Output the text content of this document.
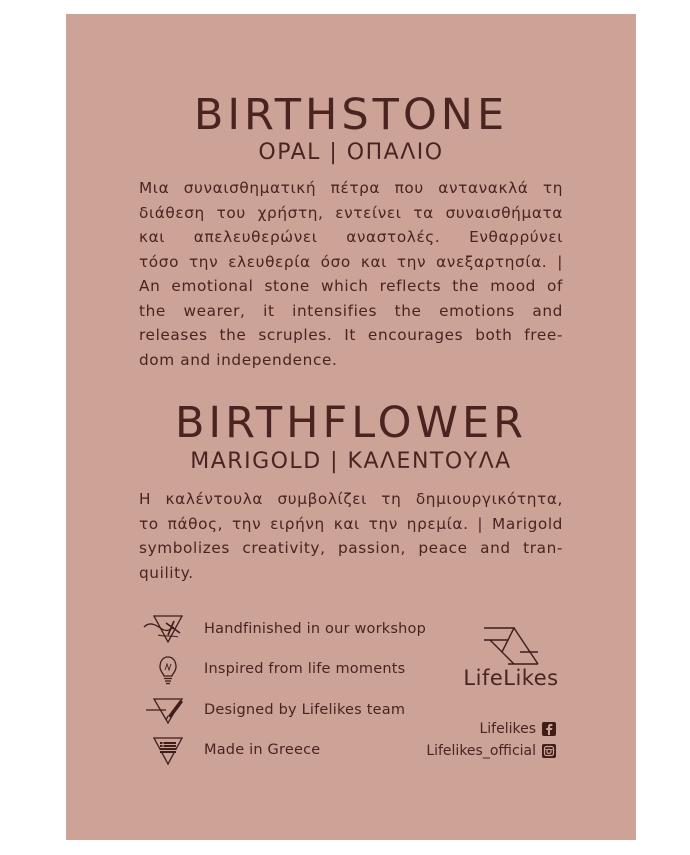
BIRTHSTONE
OPAL | ΟΠΑΛΙΟ
Μια συναισθηματική πέτρα που αντανακλά τη
διάθεση του χρήστη, εντείνει τα συναισθήματα
και απελευθερώνει αναστολές. Ενθαρρύνει
τόσο την ελευθερία όσο και την ανεξαρτησία. |
An emotional stone which reflects the mood of
the wearer, it intensifies the emotions and
releases the scruples. It encourages both free-
dom and independence.
BIRTHFLOWER
MARIGOLD | ΚΑΛΕΝΤΟΥΛΑ
Η καλέντουλα συμβολίζει τη δημιουργικότητα,
το πάθος, την ειρήνη και την ηρεμία. | Marigold
symbolizes creativity, passion, peace and tran-
quility.
Handfinished in our workshop
Inspired from life moments
Designed by Lifelikes team
Made in Greece
LifeLikes
Lifelikes
Lifelikes_official
